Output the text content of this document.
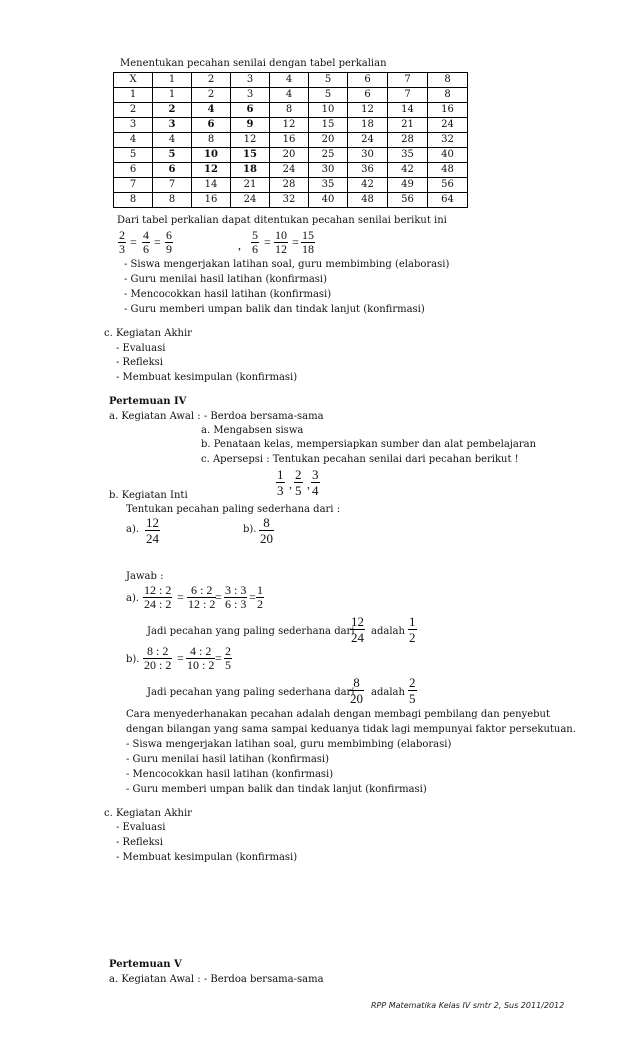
Menentukan pecahan senilai dengan tabel perkalian
X	1	2	3	4	5	6	7	8
1	1	2	3	4	5	6	7	8
2	2	4	6	8	10	12	14	16
3	3	6	9	12	15	18	21	24
4	4	8	12	16	20	24	28	32
5	5	10	15	20	25	30	35	40
6	6	12	18	24	30	36	42	48
7	7	14	21	28	35	42	49	56
8	8	16	24	32	40	48	56	64
Dari tabel perkalian dapat ditentukan pecahan senilai berikut ini
$\frac{2}{3} = \frac{4}{6} = \frac{6}{9}$	, $\frac{5}{6} = \frac{10}{12} = \frac{15}{18}$
- Siswa mengerjakan latihan soal, guru membimbing (elaborasi)
- Guru menilai hasil latihan (konfirmasi)
- Mencocokkan hasil latihan (konfirmasi)
- Guru memberi umpan balik dan tindak lanjut (konfirmasi)
c. Kegiatan Akhir
- Evaluasi
- Refleksi
- Membuat kesimpulan (konfirmasi)
Pertemuan IV
a. Kegiatan Awal : - Berdoa bersama-sama
a. Mengabsen siswa
b. Penataan kelas, mempersiapkan sumber dan alat pembelajaran
c. Apersepsi : Tentukan pecahan senilai dari pecahan berikut !
$\frac{1}{3}$ , $\frac{2}{5}$ , $\frac{3}{4}$
b. Kegiatan Inti
Tentukan pecahan paling sederhana dari :
a). $\frac{12}{24}$	b). $\frac{8}{20}$
Jawab :
a). $\frac{12 : 2}{24 : 2} = \frac{6 : 2}{12 : 2}$
= $\frac{3 : 3}{6 : 3} = \frac{1}{2}$
Jadi pecahan yang paling sederhana dari
$\frac{12}{24}$ adalah $\frac{1}{2}$
b). $\frac{8 : 2}{20 : 2} = \frac{4 : 2}{10 : 2} = \frac{2}{5}$
Jadi pecahan yang paling sederhana dari
$\frac{8}{20}$ adalah $\frac{2}{5}$
Cara menyederhanakan pecahan adalah dengan membagi pembilang dan penyebut
dengan bilangan yang sama sampai keduanya tidak lagi mempunyai faktor persekutuan.
- Siswa mengerjakan latihan soal, guru membimbing (elaborasi)
- Guru menilai hasil latihan (konfirmasi)
- Mencocokkan hasil latihan (konfirmasi)
- Guru memberi umpan balik dan tindak lanjut (konfirmasi)
c. Kegiatan Akhir
- Evaluasi
- Refleksi
- Membuat kesimpulan (konfirmasi)
Pertemuan V
a. Kegiatan Awal : - Berdoa bersama-sama
RPP Matematika Kelas IV smtr 2, Sus 2011/2012
